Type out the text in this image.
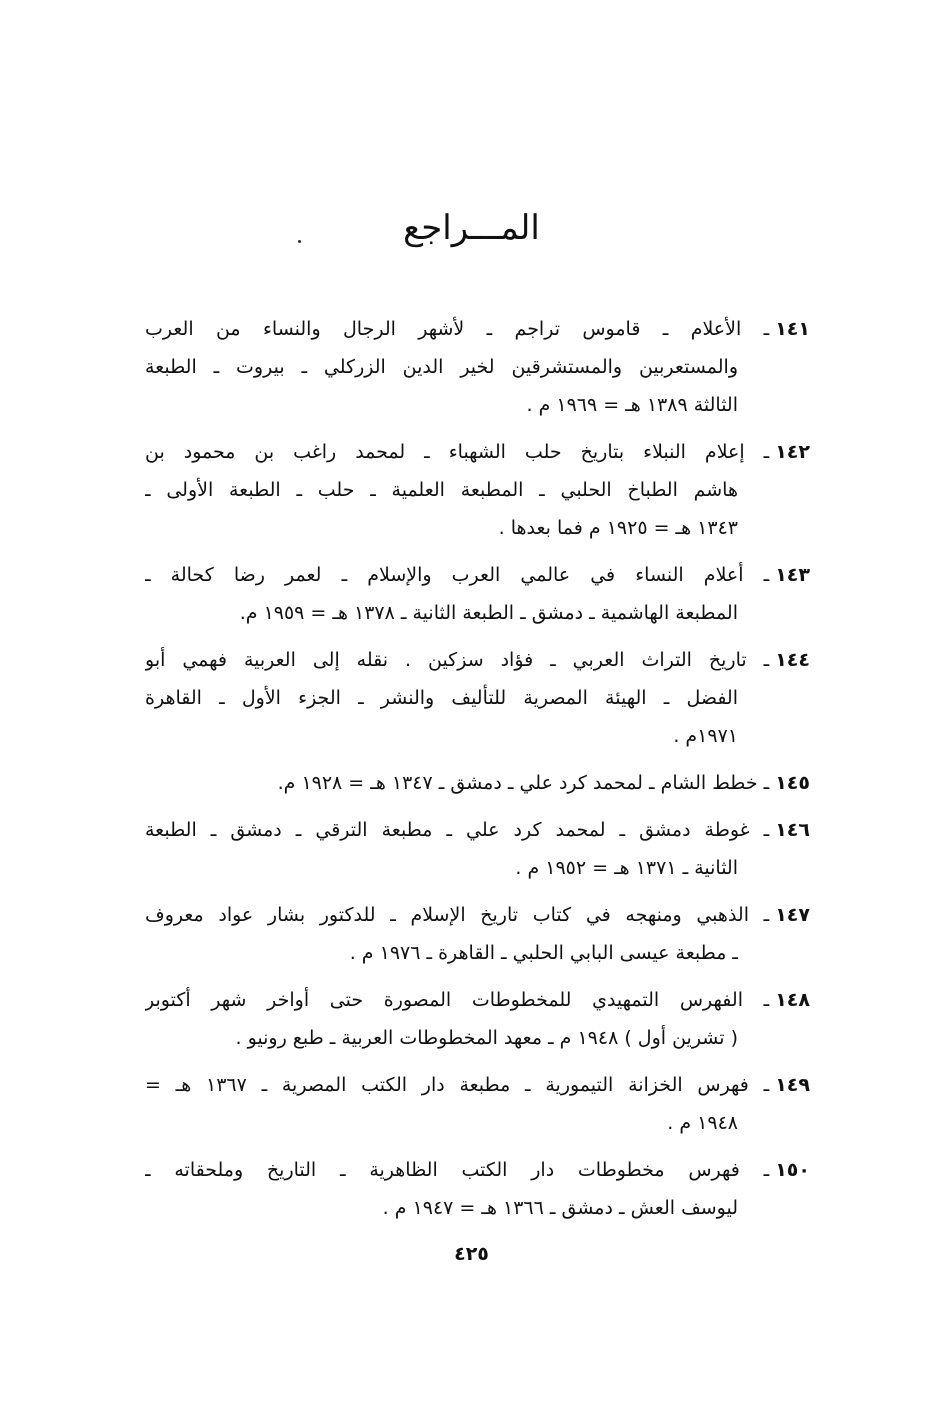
المـــراجع
١٤١ـ الأعلام ـ قاموس تراجم ـ لأشهر الرجال والنساء من العرب
والمستعربين والمستشرقين لخير الدين الزركلي ـ بيروت ـ الطبعة
الثالثة ١٣٨٩ هـ = ١٩٦٩ م .
١٤٢ـ إعلام النبلاء بتاريخ حلب الشهباء ـ لمحمد راغب بن محمود بن
هاشم الطباخ الحلبي ـ المطبعة العلمية ـ حلب ـ الطبعة الأولى ـ
١٣٤٣ هـ = ١٩٢٥ م فما بعدها .
١٤٣ـ أعلام النساء في عالمي العرب والإسلام ـ لعمر رضا كحالة ـ
المطبعة الهاشمية ـ دمشق ـ الطبعة الثانية ـ ١٣٧٨ هـ = ١٩٥٩ م.
١٤٤ـ تاريخ التراث العربي ـ فؤاد سزكين . نقله إلى العربية فهمي أبو
الفضل ـ الهيئة المصرية للتأليف والنشر ـ الجزء الأول ـ القاهرة
١٩٧١م .
١٤٥ـ خطط الشام ـ لمحمد كرد علي ـ دمشق ـ ١٣٤٧ هـ = ١٩٢٨ م.
١٤٦ـ غوطة دمشق ـ لمحمد كرد علي ـ مطبعة الترقي ـ دمشق ـ الطبعة
الثانية ـ ١٣٧١ هـ = ١٩٥٢ م .
١٤٧ـ الذهبي ومنهجه في كتاب تاريخ الإسلام ـ للدكتور بشار عواد معروف
ـ مطبعة عيسى البابي الحلبي ـ القاهرة ـ ١٩٧٦ م .
١٤٨ـ الفهرس التمهيدي للمخطوطات المصورة حتى أواخر شهر أكتوبر
( تشرين أول ) ١٩٤٨ م ـ معهد المخطوطات العربية ـ طبع رونيو .
١٤٩ـ فهرس الخزانة التيمورية ـ مطبعة دار الكتب المصرية ـ ١٣٦٧ هـ =
١٩٤٨ م .
١٥٠ـ فهرس مخطوطات دار الكتب الظاهرية ـ التاريخ وملحقاته ـ
ليوسف العش ـ دمشق ـ ١٣٦٦ هـ = ١٩٤٧ م .
٤٢٥
